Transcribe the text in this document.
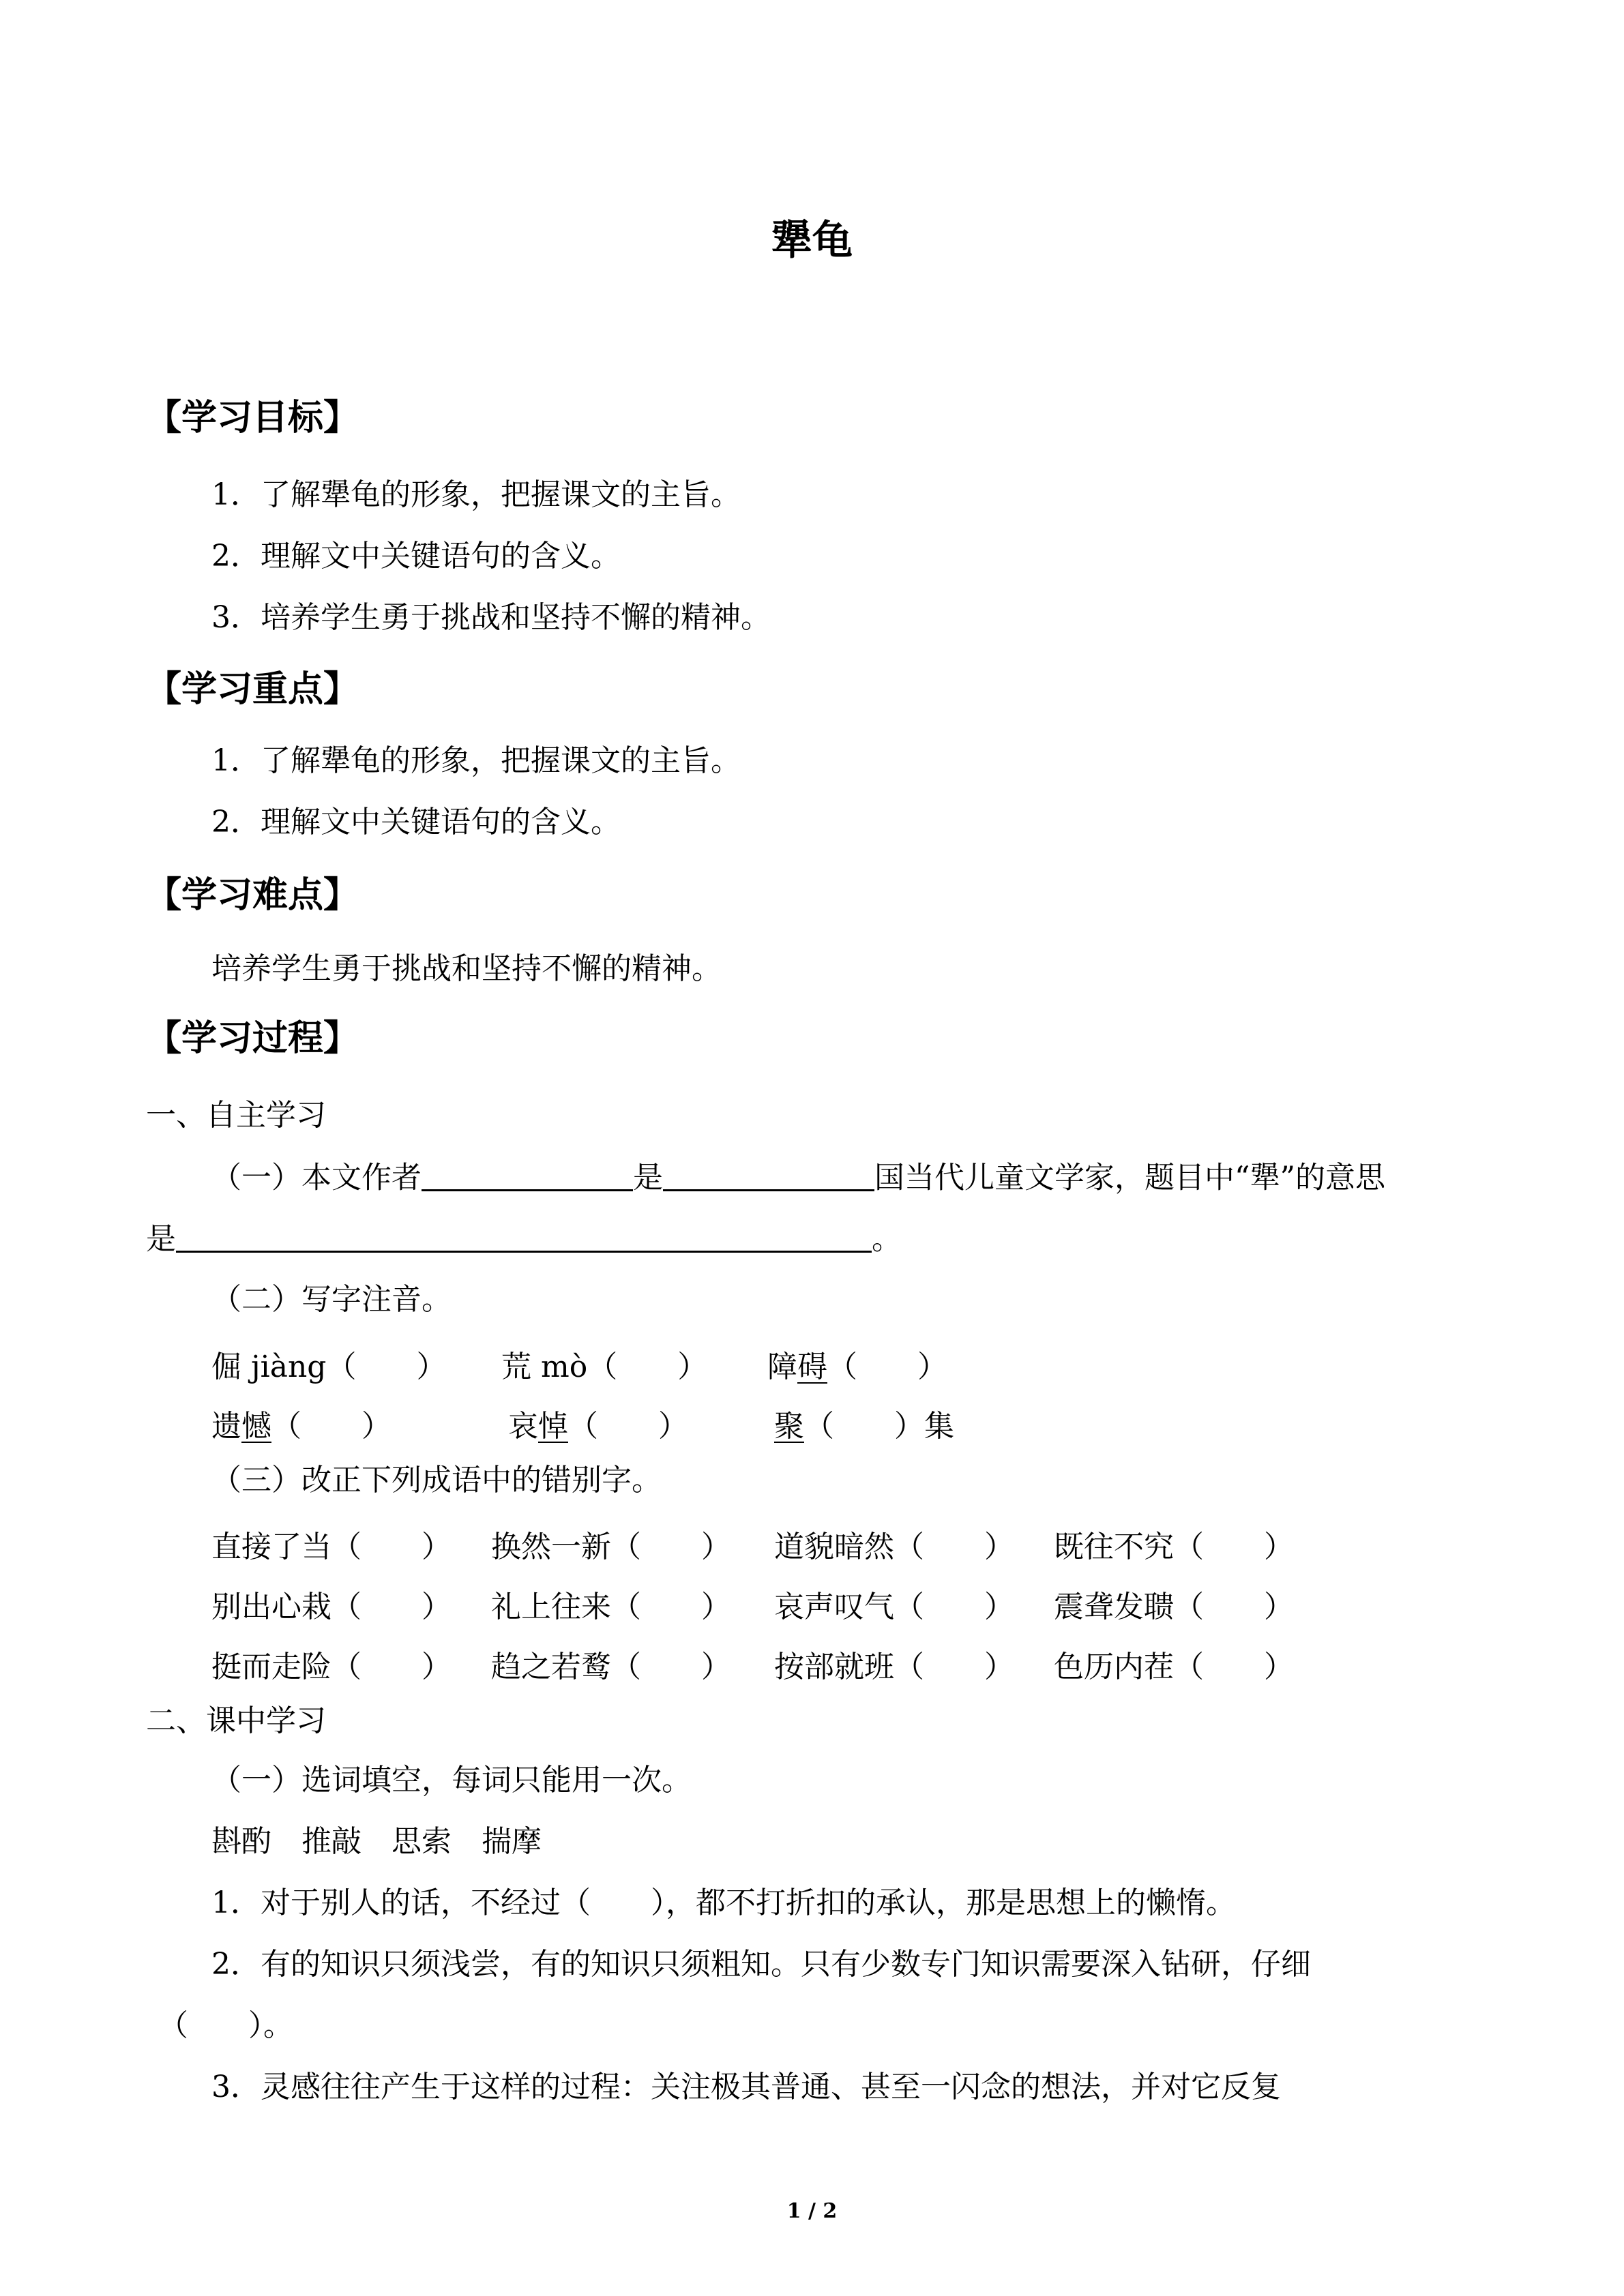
犟龟
【学习目标】
1．了解犟龟的形象，把握课文的主旨。
2．理解文中关键语句的含义。
3．培养学生勇于挑战和坚持不懈的精神。
【学习重点】
1．了解犟龟的形象，把握课文的主旨。
2．理解文中关键语句的含义。
【学习难点】
培养学生勇于挑战和坚持不懈的精神。
【学习过程】
一、自主学习
（一）本文作者	是	国当代儿童文学家，题目中“犟”的意思
是	。
（二）写字注音。
倔 jiàng（　　） 荒 mò（　　） 障碍（　　）
遗憾（　　）	哀悼（　　）	聚（　　）集
（三）改正下列成语中的错别字。
直接了当（　　） 换然一新（　　） 道貌暗然（　　） 既往不究（　　）
别出心栽（　　） 礼上往来（　　） 哀声叹气（　　） 震聋发聩（　　）
挺而走险（　　） 趋之若鹜（　　） 按部就班（　　） 色历内茬（　　）
二、课中学习
（一）选词填空，每词只能用一次。
斟酌　推敲　思索　揣摩
1．对于别人的话，不经过（　　），都不打折扣的承认，那是思想上的懒惰。
2．有的知识只须浅尝，有的知识只须粗知。只有少数专门知识需要深入钻研，仔细
（　　）。
3．灵感往往产生于这样的过程：关注极其普通、甚至一闪念的想法，并对它反复
1 / 2
